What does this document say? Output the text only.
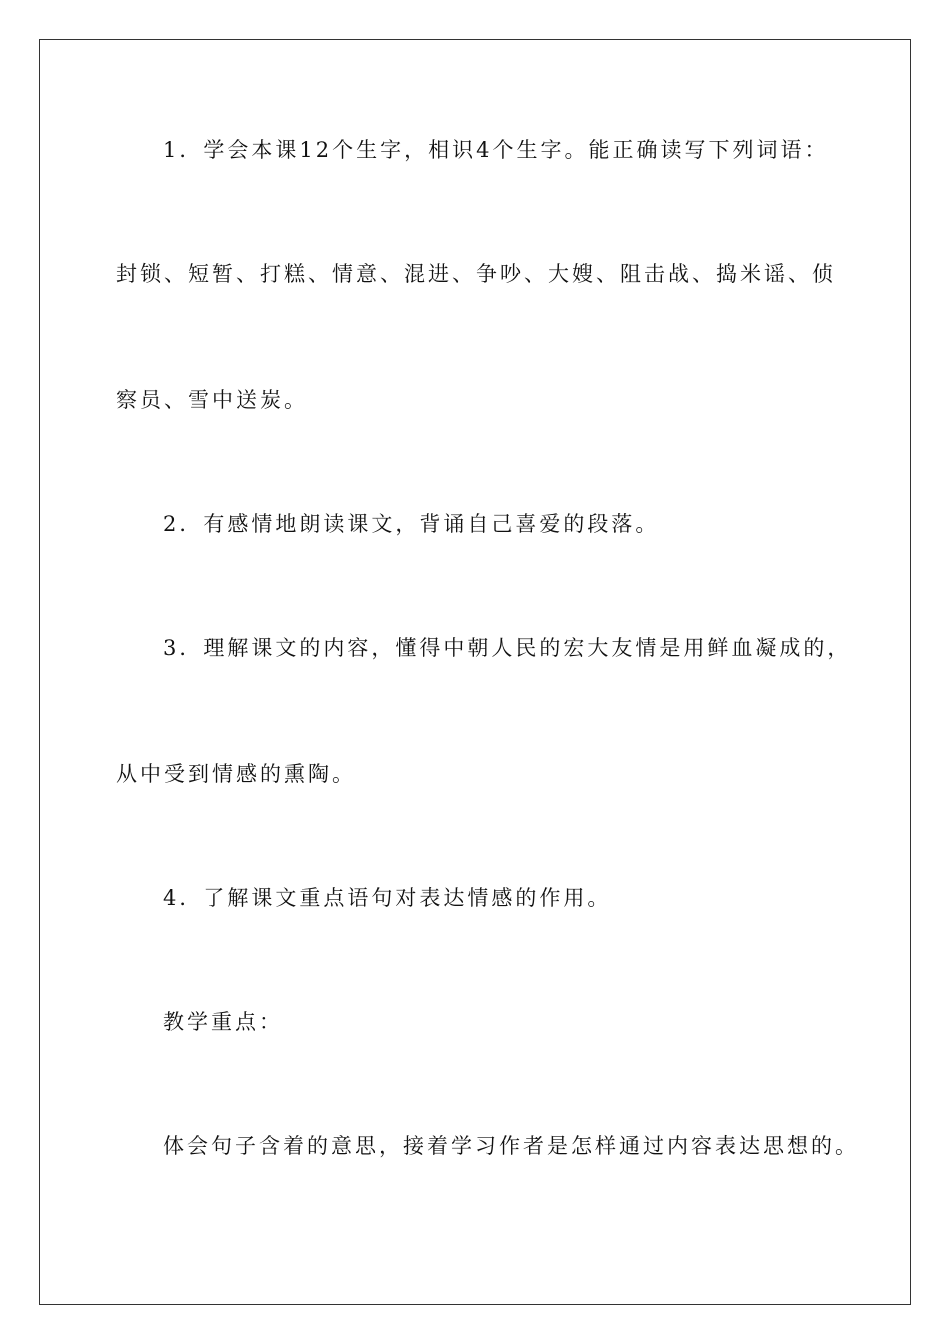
1．学会本课12个生字，相识4个生字。能正确读写下列词语：
封锁、短暂、打糕、情意、混进、争吵、大嫂、阻击战、捣米谣、侦
察员、雪中送炭。
2．有感情地朗读课文，背诵自己喜爱的段落。
3．理解课文的内容，懂得中朝人民的宏大友情是用鲜血凝成的，
从中受到情感的熏陶。
4．了解课文重点语句对表达情感的作用。
教学重点：
体会句子含着的意思，接着学习作者是怎样通过内容表达思想的。
